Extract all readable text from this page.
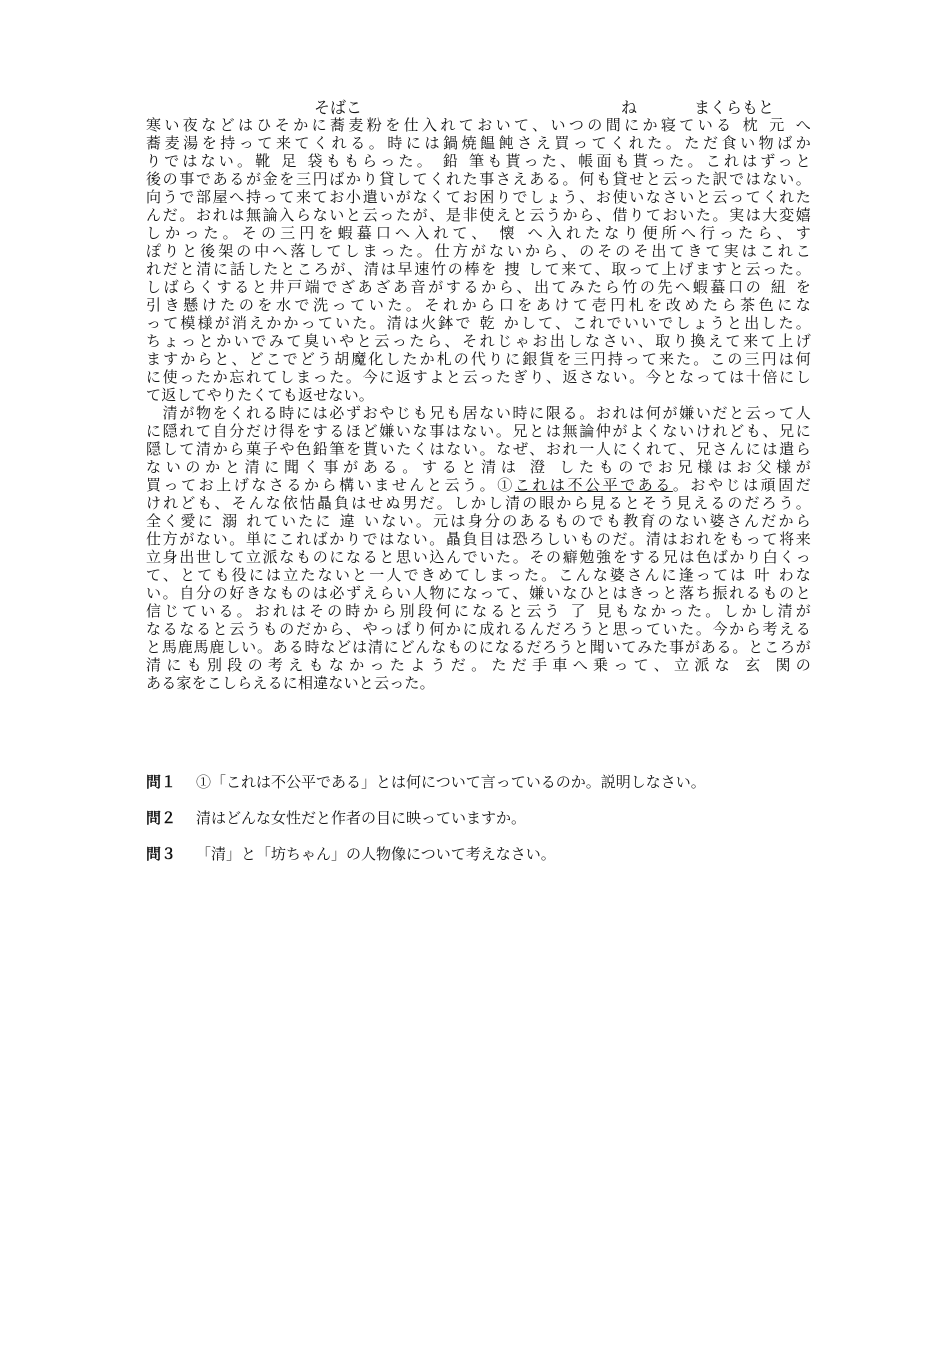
そばこ	ね	まくらもと
寒い夜などはひそかに蕎麦粉を仕入れておいて、いつの間にか寝ている 枕 元 へ
蕎麦湯を持って来てくれる。時には鍋焼饂飩さえ買ってくれた。ただ食い物ばか
りではない。靴 足 袋ももらった。 鉛 筆も貰った、帳面も貰った。これはずっと
後の事であるが金を三円ばかり貸してくれた事さえある。何も貸せと云った訳ではない。
向うで部屋へ持って来てお小遣いがなくてお困りでしょう、お使いなさいと云ってくれた
んだ。おれは無論入らないと云ったが、是非使えと云うから、借りておいた。実は大変嬉
しかった。その三円を蝦蟇口へ入れて、 懐 へ入れたなり便所へ行ったら、す
ぽりと後架の中へ落してしまった。仕方がないから、のそのそ出てきて実はこれこ
れだと清に話したところが、清は早速竹の棒を 捜 して来て、取って上げますと云った。
しばらくすると井戸端でざあざあ音がするから、出てみたら竹の先へ蝦蟇口の 紐 を
引き懸けたのを水で洗っていた。それから口をあけて壱円札を改めたら茶色にな
って模様が消えかかっていた。清は火鉢で 乾 かして、これでいいでしょうと出した。
ちょっとかいでみて臭いやと云ったら、それじゃお出しなさい、取り換えて来て上げ
ますからと、どこでどう胡魔化したか札の代りに銀貨を三円持って来た。この三円は何
に使ったか忘れてしまった。今に返すよと云ったぎり、返さない。今となっては十倍にし
て返してやりたくても返せない。
　清が物をくれる時には必ずおやじも兄も居ない時に限る。おれは何が嫌いだと云って人
に隠れて自分だけ得をするほど嫌いな事はない。兄とは無論仲がよくないけれども、兄に
隠して清から菓子や色鉛筆を貰いたくはない。なぜ、おれ一人にくれて、兄さんには遣ら
ないのかと清に聞く事がある。すると清は 澄 したものでお兄様はお父様が
買ってお上げなさるから構いませんと云う。①これは不公平である。おやじは頑固だ
けれども、そんな依怙贔負はせぬ男だ。しかし清の眼から見るとそう見えるのだろう。
全く愛に 溺 れていたに 違 いない。元は身分のあるものでも教育のない婆さんだから
仕方がない。単にこればかりではない。贔負目は恐ろしいものだ。清はおれをもって将来
立身出世して立派なものになると思い込んでいた。その癖勉強をする兄は色ばかり白くっ
て、とても役には立たないと一人できめてしまった。こんな婆さんに逢っては 叶 わな
い。自分の好きなものは必ずえらい人物になって、嫌いなひとはきっと落ち振れるものと
信じている。おれはその時から別段何になると云う 了 見もなかった。しかし清が
なるなると云うものだから、やっぱり何かに成れるんだろうと思っていた。今から考える
と馬鹿馬鹿しい。ある時などは清にどんなものになるだろうと聞いてみた事がある。ところが
清にも別段の考えもなかったようだ。ただ手車へ乗って、立派な 玄 関の
ある家をこしらえるに相違ないと云った。
問１ ①「これは不公平である」とは何について言っているのか。説明しなさい。
問２ 清はどんな女性だと作者の目に映っていますか。
問３ 「清」と「坊ちゃん」の人物像について考えなさい。
